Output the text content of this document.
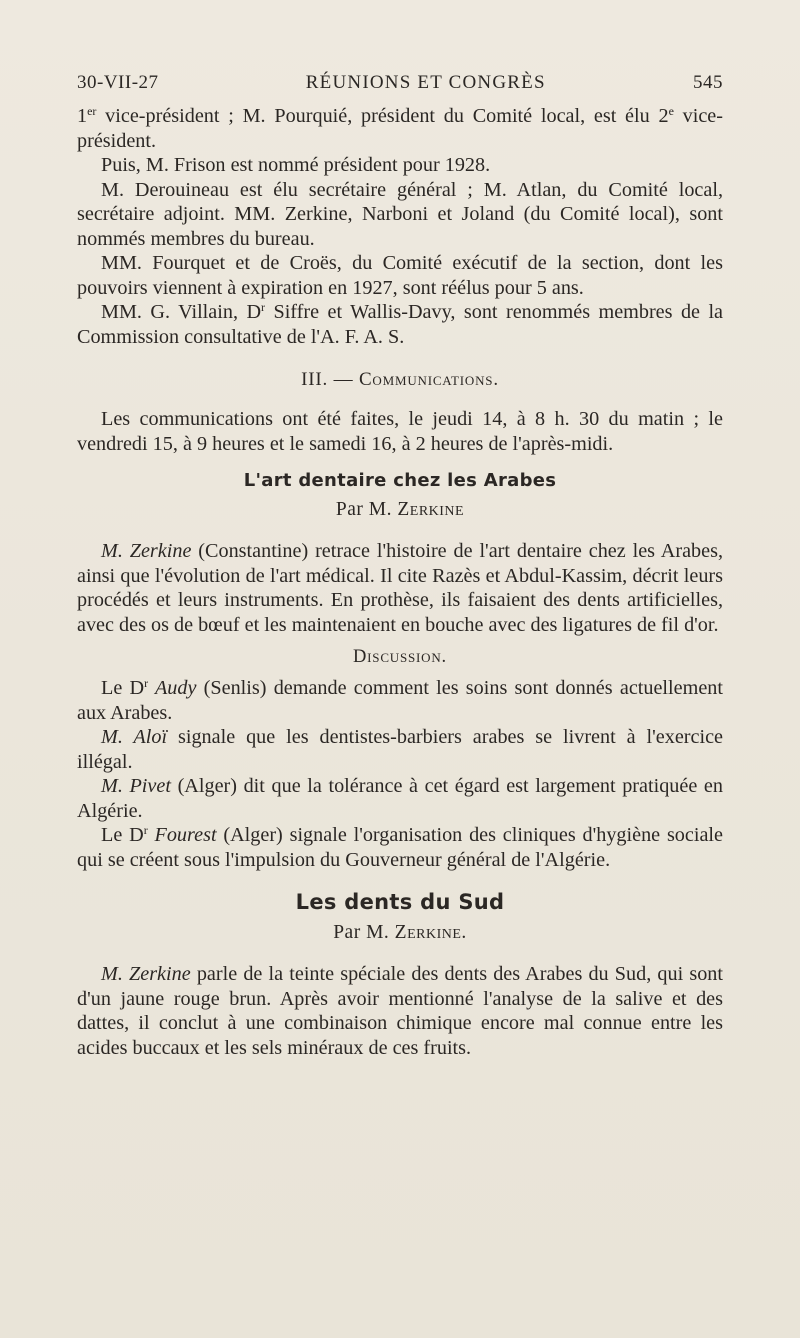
30-VII-27	RÉUNIONS ET CONGRÈS	545

1er vice-président ; M. Pourquié, président du Comité local, est élu 2e vice-président.

Puis, M. Frison est nommé président pour 1928.

M. Derouineau est élu secrétaire général ; M. Atlan, du Comité local, secrétaire adjoint. MM. Zerkine, Narboni et Joland (du Comité local), sont nommés membres du bureau.

MM. Fourquet et de Croës, du Comité exécutif de la section, dont les pouvoirs viennent à expiration en 1927, sont réélus pour 5 ans.

MM. G. Villain, $D^r$ Siffre et Wallis-Davy, sont renommés membres de la Commission consultative de l'A. F. A. S.

III. — Communications.

Les communications ont été faites, le jeudi 14, à 8 h. 30 du matin ; le vendredi 15, à 9 heures et le samedi 16, à 2 heures de l'après-midi.

L'art dentaire chez les Arabes
Par M. Zerkine

M. Zerkine (Constantine) retrace l'histoire de l'art dentaire chez les Arabes, ainsi que l'évolution de l'art médical. Il cite Razès et Abdul-Kassim, décrit leurs procédés et leurs instruments. En prothèse, ils faisaient des dents artificielles, avec des os de bœuf et les maintenaient en bouche avec des ligatures de fil d'or.

Discussion.

Le $D^r$ Audy (Senlis) demande comment les soins sont donnés actuellement aux Arabes.

M. Aloï signale que les dentistes-barbiers arabes se livrent à l'exercice illégal.

M. Pivet (Alger) dit que la tolérance à cet égard est largement pratiquée en Algérie.

Le $D^r$ Fourest (Alger) signale l'organisation des cliniques d'hygiène sociale qui se créent sous l'impulsion du Gouverneur général de l'Algérie.

Les dents du Sud
Par M. Zerkine.

M. Zerkine parle de la teinte spéciale des dents des Arabes du Sud, qui sont d'un jaune rouge brun. Après avoir mentionné l'analyse de la salive et des dattes, il conclut à une combinaison chimique encore mal connue entre les acides buccaux et les sels minéraux de ces fruits.
